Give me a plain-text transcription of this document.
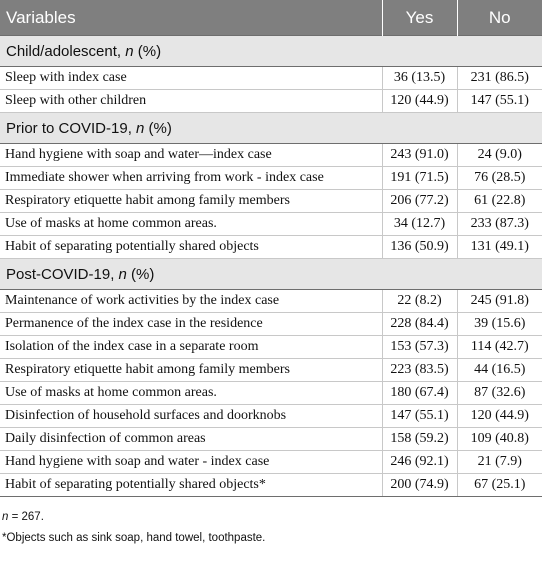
Variables	Yes	No
Child/adolescent, n (%)		
Sleep with index case	36 (13.5)	231 (86.5)
Sleep with other children	120 (44.9)	147 (55.1)
Prior to COVID-19, n (%)		
Hand hygiene with soap and water—index case	243 (91.0)	24 (9.0)
Immediate shower when arriving from work - index case	191 (71.5)	76 (28.5)
Respiratory etiquette habit among family members	206 (77.2)	61 (22.8)
Use of masks at home common areas.	34 (12.7)	233 (87.3)
Habit of separating potentially shared objects	136 (50.9)	131 (49.1)
Post-COVID-19, n (%)		
Maintenance of work activities by the index case	22 (8.2)	245 (91.8)
Permanence of the index case in the residence	228 (84.4)	39 (15.6)
Isolation of the index case in a separate room	153 (57.3)	114 (42.7)
Respiratory etiquette habit among family members	223 (83.5)	44 (16.5)
Use of masks at home common areas.	180 (67.4)	87 (32.6)
Disinfection of household surfaces and doorknobs	147 (55.1)	120 (44.9)
Daily disinfection of common areas	158 (59.2)	109 (40.8)
Hand hygiene with soap and water - index case	246 (92.1)	21 (7.9)
Habit of separating potentially shared objects*	200 (74.9)	67 (25.1)
n = 267.
*Objects such as sink soap, hand towel, toothpaste.
